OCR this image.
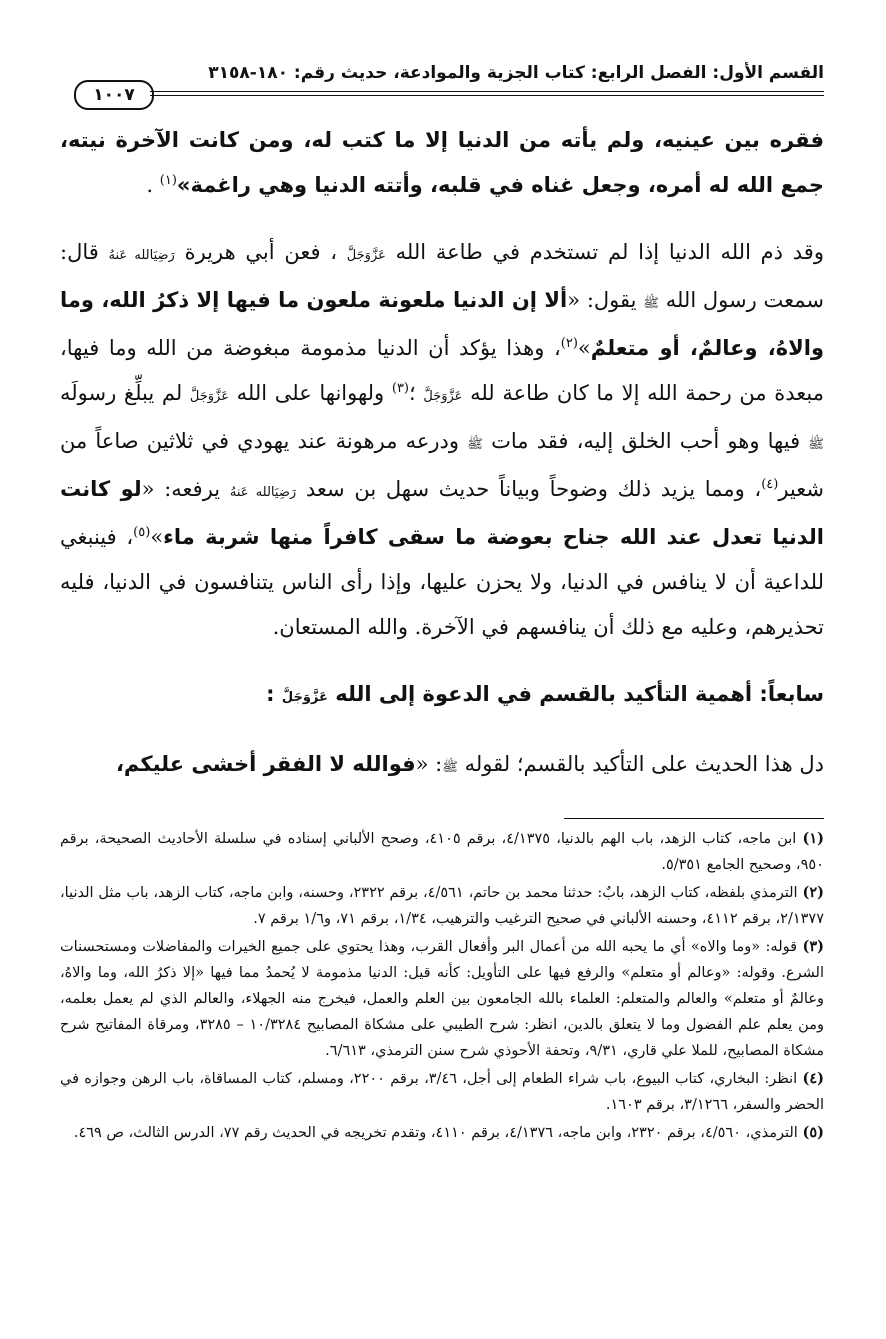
القسم الأول: الفصل الرابع: كتاب الجزية والموادعة، حديث رقم: ١٨٠-٣١٥٨
١٠٠٧

فقره بين عينيه، ولم يأته من الدنيا إلا ما كتب له، ومن كانت الآخرة نيته، جمع الله له أمره، وجعل غناه في قلبه، وأتته الدنيا وهي راغمة»$^{(١)}$ .

وقد ذم الله الدنيا إذا لم تستخدم في طاعة الله عَزَّوَجَلَّ ، فعن أبي هريرة رَضِيَالله عَنهُ قال: سمعت رسول الله ﷺ يقول: «ألا إن الدنيا ملعونة ملعون ما فيها إلا ذكرُ الله، وما والاهُ، وعالمٌ، أو متعلمٌ»$^{(٢)}$، وهذا يؤكد أن الدنيا مذمومة مبغوضة من الله وما فيها، مبعدة من رحمة الله إلا ما كان طاعة لله عَزَّوَجَلَّ ؛$^{(٣)}$ ولهوانها على الله عَزَّوَجَلَّ لم يبلِّغ رسولَه ﷺ فيها وهو أحب الخلق إليه، فقد مات ﷺ ودرعه مرهونة عند يهودي في ثلاثين صاعاً من شعير$^{(٤)}$، ومما يزيد ذلك وضوحاً وبياناً حديث سهل بن سعد رَضِيَالله عَنهُ يرفعه: «لو كانت الدنيا تعدل عند الله جناح بعوضة ما سقى كافراً منها شربة ماء»$^{(٥)}$، فينبغي للداعية أن لا ينافس في الدنيا، ولا يحزن عليها، وإذا رأى الناس يتنافسون في الدنيا، فليه تحذيرهم، وعليه مع ذلك أن ينافسهم في الآخرة. والله المستعان.

سابعاً: أهمية التأكيد بالقسم في الدعوة إلى الله عَزَّوَجَلَّ :

دل هذا الحديث على التأكيد بالقسم؛ لقوله ﷺ: «فوالله لا الفقر أخشى عليكم،

(١) ابن ماجه، كتاب الزهد، باب الهم بالدنيا، ٤/١٣٧٥، برقم ٤١٠٥، وصحح الألباني إسناده في سلسلة الأحاديث الصحيحة، برقم ٩٥٠، وصحيح الجامع ٥/٣٥١.

(٢) الترمذي بلفظه، كتاب الزهد، بابٌ: حدثنا محمد بن حاتم، ٤/٥٦١، برقم ٢٣٢٢، وحسنه، وابن ماجه، كتاب الزهد، باب مثل الدنيا، ٢/١٣٧٧، برقم ٤١١٢، وحسنه الألباني في صحيح الترغيب والترهيب، ١/٣٤، برقم ٧١، و١/٦ برقم ٧.

(٣) قوله: «وما والاه» أي ما يحبه الله من أعمال البر وأفعال القرب، وهذا يحتوي على جميع الخيرات والمفاضلات ومستحسنات الشرع. وقوله: «وعالم أو متعلم» والرفع فيها على التأويل: كأنه قيل: الدنيا مذمومة لا يُحمدُ مما فيها «إلا ذكرُ الله، وما والاهُ، وعالمٌ أو متعلم» والعالم والمتعلم: العلماء بالله الجامعون بين العلم والعمل، فيخرج منه الجهلاء، والعالم الذي لم يعمل بعلمه، ومن يعلم علم الفضول وما لا يتعلق بالدين، انظر: شرح الطيبي على مشكاة المصابيح ١٠/٣٢٨٤ – ٣٢٨٥، ومرقاة المفاتيح شرح مشكاة المصابيح، للملا علي قاري، ٩/٣١، وتحفة الأحوذي شرح سنن الترمذي، ٦/٦١٣.

(٤) انظر: البخاري، كتاب البيوع، باب شراء الطعام إلى أجل، ٣/٤٦، برقم ٢٢٠٠، ومسلم، كتاب المساقاة، باب الرهن وجوازه في الحضر والسفر، ٣/١٢٦٦، برقم ١٦٠٣.

(٥) الترمذي، ٤/٥٦٠، برقم ٢٣٢٠، وابن ماجه، ٤/١٣٧٦، برقم ٤١١٠، وتقدم تخريجه في الحديث رقم ٧٧، الدرس الثالث، ص ٤٦٩.
